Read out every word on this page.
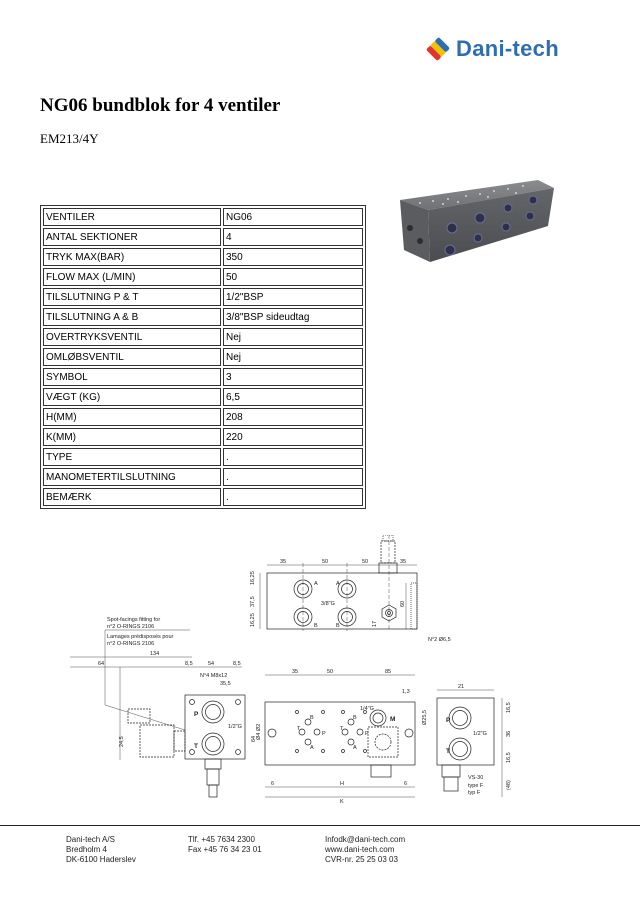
Dani-tech
NG06 bundblok for 4 ventiler
EM213/4Y
VENTILER	NG06
ANTAL SEKTIONER	4
TRYK MAX(BAR)	350
FLOW MAX (L/MIN)	50
TILSLUTNING P & T	1/2"BSP
TILSLUTNING A & B	3/8"BSP sideudtag
OVERTRYKSVENTIL	Nej
OMLØBSVENTIL	Nej
SYMBOL	3
VÆGT (KG)	6,5
H(MM)	208
K(MM)	220
TYPE	.
MANOMETERTILSLUTNING	.
BEMÆRK	.
35	50	50	35
16,25
37,5
16,25
A	A
B	B
3/8"G	60
17
N°2 Ø6,5
Spot-facings fitting for
n°2 O-RINGS 2106
Lamages prédisposés pour
n°2 O-RINGS 2106
134
64	8,5	54	8,5
35,5
N°4 M8x12
1/2"G
P
T
24,5	64
35	50	85
1,3
1/4"G
M	Ø25,5
H
K
6	6
B	B
A	A
T	T
P	P
Ø4 Ø2
21
P
T
1/2"G
16,5
36
16,5
(48)
VS-30
type F
typ F
Dani-tech A/S
Bredholm 4
DK-6100 Haderslev
Tlf. +45 7634 2300
Fax +45 76 34 23 01
Infodk@dani-tech.com
www.dani-tech.com
CVR-nr. 25 25 03 03
